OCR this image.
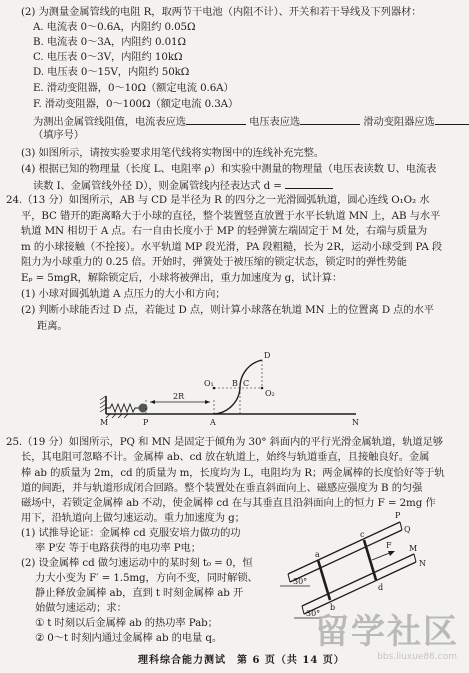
(2) 为测量金属管线的电阻 R，取两节干电池（内阻不计）、开关和若干导线及下列器材：
A. 电流表 0～0.6A，内阻约 0.05Ω
B. 电流表 0～3A，内阻约 0.01Ω
C. 电压表 0～3V，内阻约 10kΩ
D. 电压表 0～15V，内阻约 50kΩ
E. 滑动变阻器，0～10Ω（额定电流 0.6A）
F. 滑动变阻器，0～100Ω（额定电流 0.3A）
为测出金属管线阻值，电流表应选	电压表应选	滑动变阻器应选
（填序号）
(3) 如图所示，请按实验要求用笔代线将实物图中的连线补充完整。
(4) 根据已知的物理量（长度 L、电阻率 ρ）和实验中测量的物理量（电压表读数 U、电流表
读数 I、金属管线外径 D），则金属管线内径表达式 d =
24.（13 分）如图所示，AB 与 CD 是半径为 R 的四分之一光滑圆弧轨道，圆心连线 O₁O₂ 水
平，BC 错开的距离略大于小球的直径，整个装置竖直放置于水平长轨道 MN 上，AB 与水平
轨道 MN 相切于 A 点。右一自由长度小于 MP 的轻弹簧左端固定于 M 处，右端与质量为
m 的小球接触（不拴接）。水平轨道 MP 段光滑，PA 段粗糙，长为 2R，运动小球受到 PA 段
阻力为小球重力的 0.25 倍。开始时，弹簧处于被压缩的锁定状态，锁定时的弹性势能
Eₚ = 5mgR，解除锁定后，小球将被弹出，重力加速度为 g，试计算：
(1) 小球对圆弧轨道 A 点压力的大小和方向；
(2) 判断小球能否过 D 点，若能过 D 点，则计算小球落在轨道 MN 上的位置离 D 点的水平
距离。
2R
M	P	A	N
B C
D
O₁
O₂
25.（19 分）如图所示，PQ 和 MN 是固定于倾角为 30° 斜面内的平行光滑金属轨道，轨道足够
长，其电阻可忽略不计。金属棒 ab、cd 放在轨道上，始终与轨道垂直，且接触良好。金属
棒 ab 的质量为 2m，cd 的质量为 m，长度均为 L，电阻均为 R；两金属棒的长度恰好等于轨
道的间距，并与轨道形成闭合回路。整个装置处在垂直斜面向上、磁感应强度为 B 的匀强
磁场中，若锁定金属棒 ab 不动，使金属棒 cd 在与其垂直且沿斜面向上的恒力 F = 2mg 作
用下，沿轨道向上做匀速运动。重力加速度为 g；
(1) 试推导论证：金属棒 cd 克服安培力做功的功
率 P安 等于电路获得的电功率 P电；
(2) 设金属棒 cd 做匀速运动中的某时刻 t₀ = 0，恒
力大小变为 F′ = 1.5mg，方向不变，同时解锁、
静止释放金属棒 ab，直到 t 时刻金属棒 ab 开
始做匀速运动；求：
① t 时刻以后金属棒 ab 的热功率 Pab；
② 0～t 时刻内通过金属棒 ab 的电量 q。
P
Q
M
N
a
b
c
d
F
30°
30°
理科综合能力测试　第 6 页（共 14 页）
留学社区
bbs.liuxue86.com
